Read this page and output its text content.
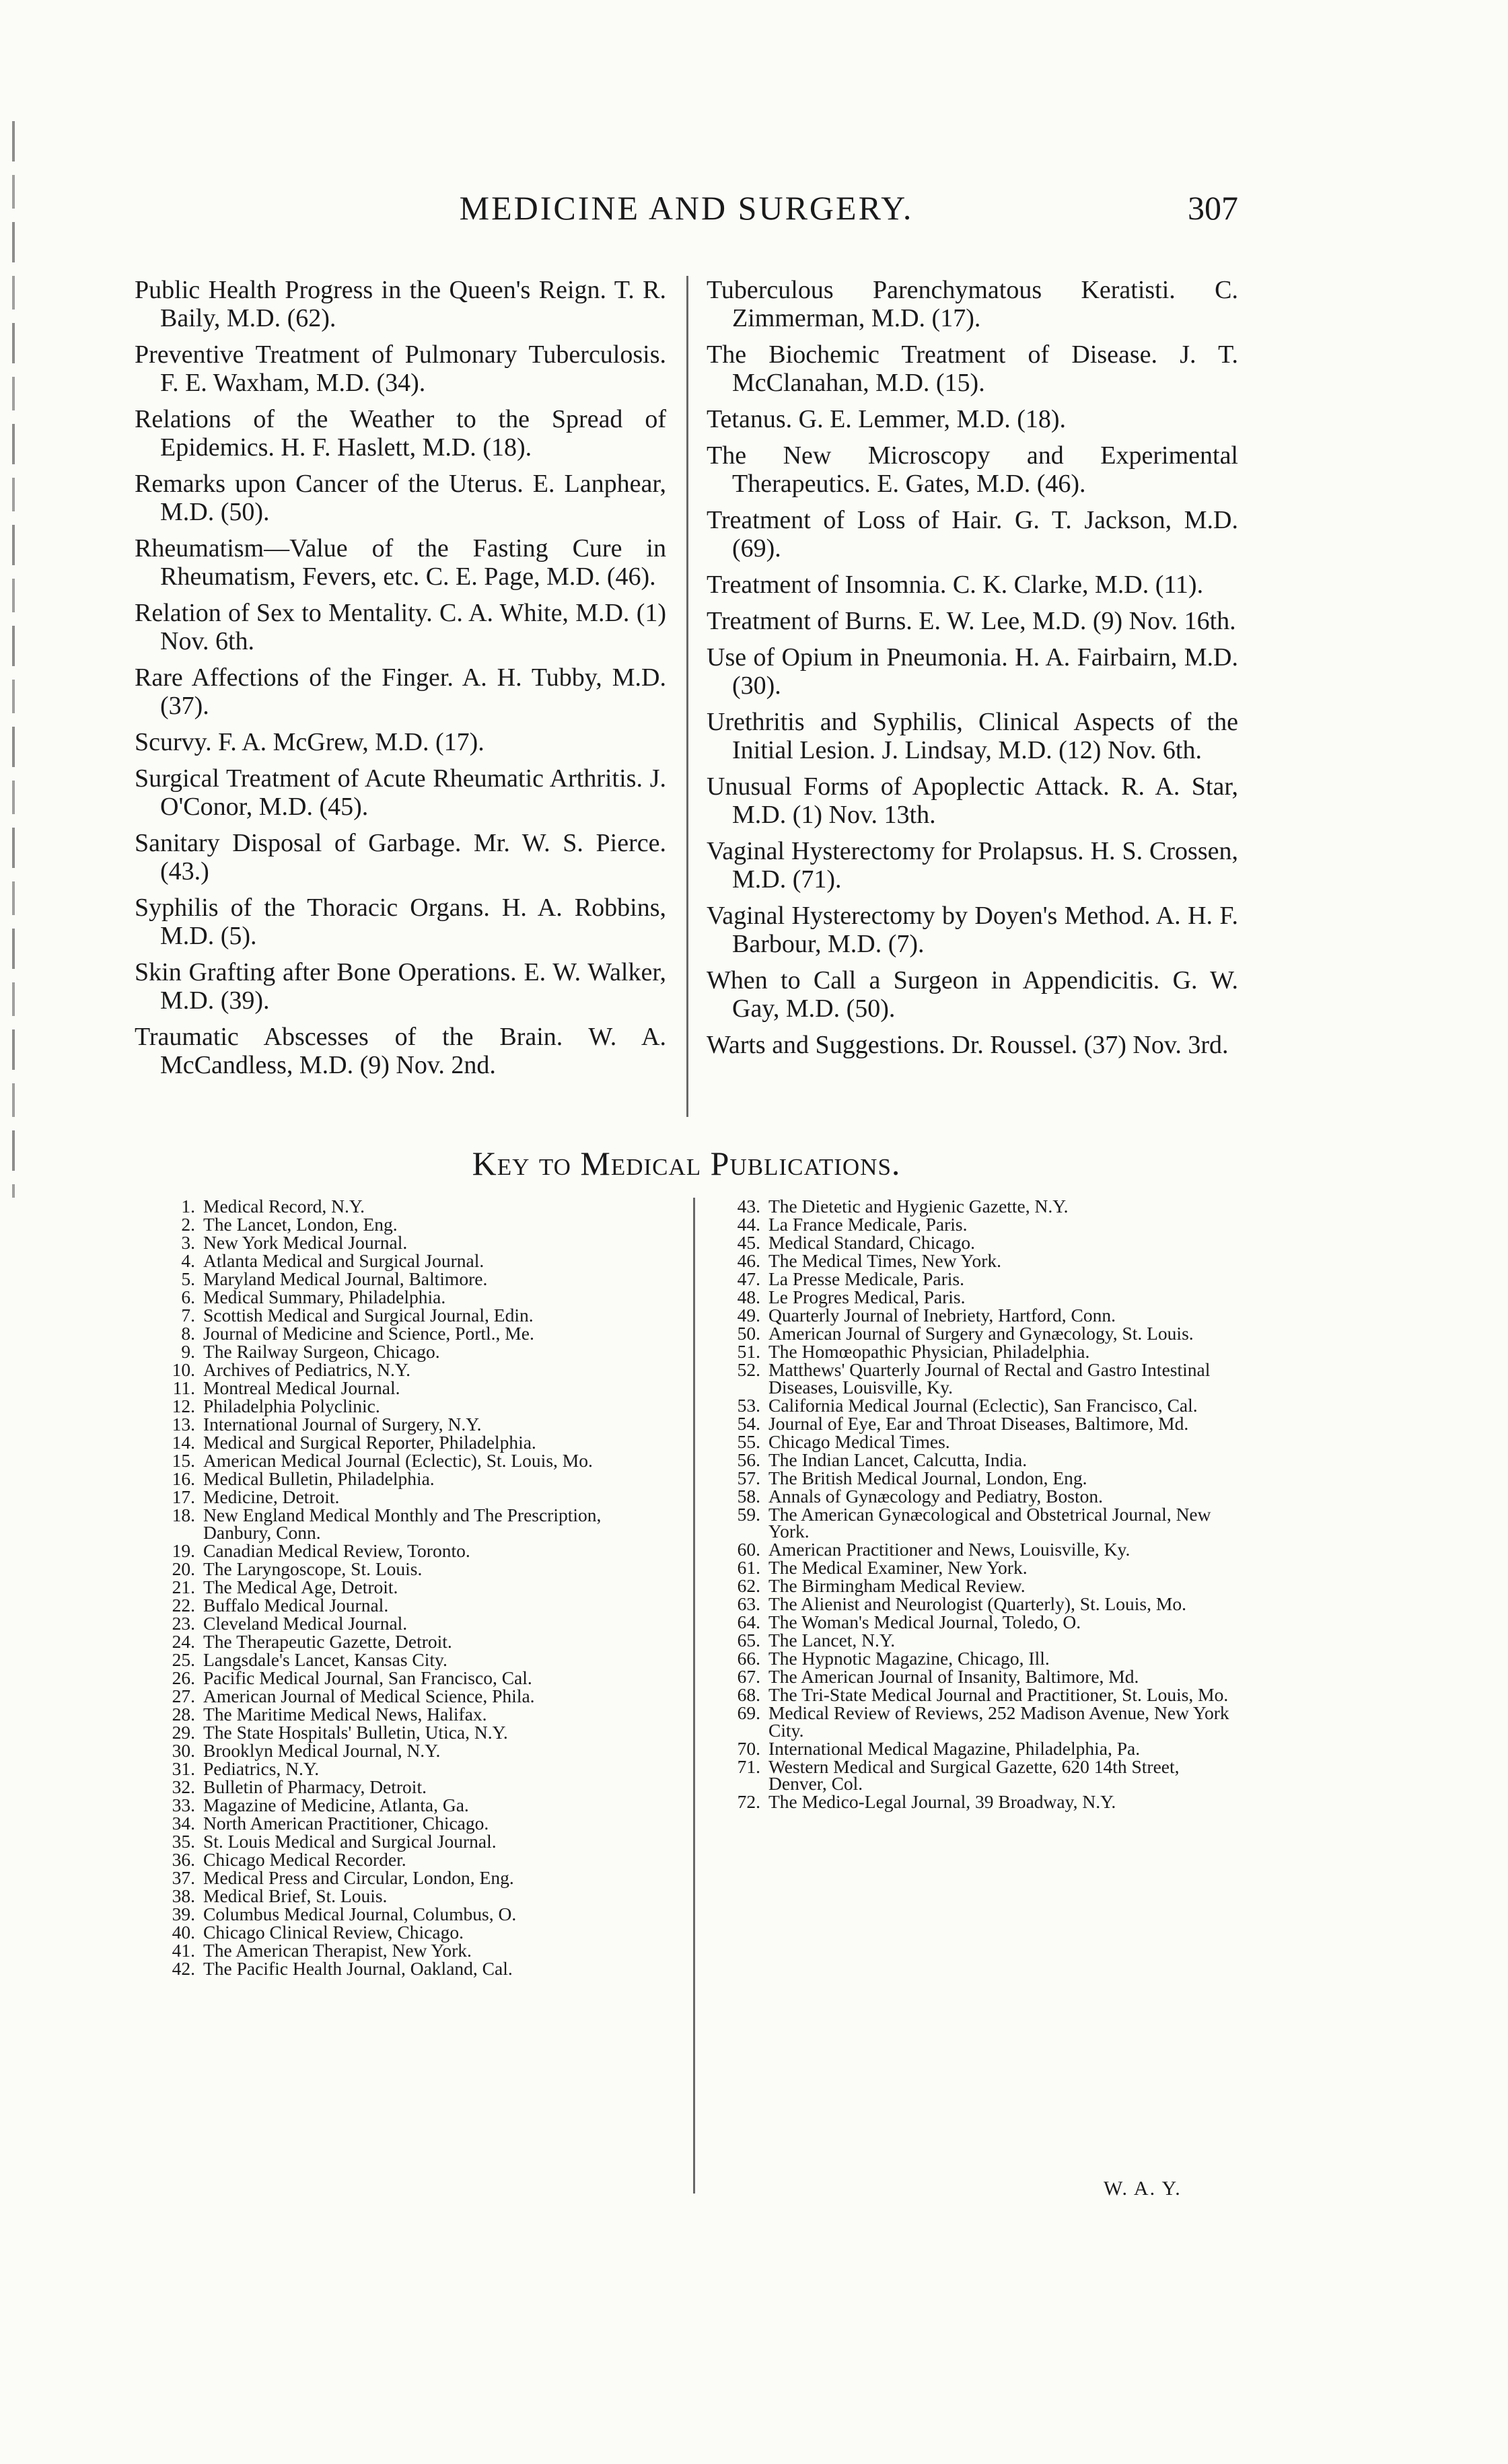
MEDICINE AND SURGERY.	307
Public Health Progress in the Queen's Reign. T. R. Baily, M.D. (62).
Preventive Treatment of Pulmonary Tuberculosis. F. E. Waxham, M.D. (34).
Relations of the Weather to the Spread of Epidemics. H. F. Haslett, M.D. (18).
Remarks upon Cancer of the Uterus. E. Lanphear, M.D. (50).
Rheumatism—Value of the Fasting Cure in Rheumatism, Fevers, etc. C. E. Page, M.D. (46).
Relation of Sex to Mentality. C. A. White, M.D. (1) Nov. 6th.
Rare Affections of the Finger. A. H. Tubby, M.D. (37).
Scurvy. F. A. McGrew, M.D. (17).
Surgical Treatment of Acute Rheumatic Arthritis. J. O'Conor, M.D. (45).
Sanitary Disposal of Garbage. Mr. W. S. Pierce. (43.)
Syphilis of the Thoracic Organs. H. A. Robbins, M.D. (5).
Skin Grafting after Bone Operations. E. W. Walker, M.D. (39).
Traumatic Abscesses of the Brain. W. A. McCandless, M.D. (9) Nov. 2nd.
Tuberculous Parenchymatous Keratisti. C. Zimmerman, M.D. (17).
The Biochemic Treatment of Disease. J. T. McClanahan, M.D. (15).
Tetanus. G. E. Lemmer, M.D. (18).
The New Microscopy and Experimental Therapeutics. E. Gates, M.D. (46).
Treatment of Loss of Hair. G. T. Jackson, M.D. (69).
Treatment of Insomnia. C. K. Clarke, M.D. (11).
Treatment of Burns. E. W. Lee, M.D. (9) Nov. 16th.
Use of Opium in Pneumonia. H. A. Fairbairn, M.D. (30).
Urethritis and Syphilis, Clinical Aspects of the Initial Lesion. J. Lindsay, M.D. (12) Nov. 6th.
Unusual Forms of Apoplectic Attack. R. A. Star, M.D. (1) Nov. 13th.
Vaginal Hysterectomy for Prolapsus. H. S. Crossen, M.D. (71).
Vaginal Hysterectomy by Doyen's Method. A. H. F. Barbour, M.D. (7).
When to Call a Surgeon in Appendicitis. G. W. Gay, M.D. (50).
Warts and Suggestions. Dr. Roussel. (37) Nov. 3rd.
Key to Medical Publications.
1. Medical Record, N.Y.
2. The Lancet, London, Eng.
3. New York Medical Journal.
4. Atlanta Medical and Surgical Journal.
5. Maryland Medical Journal, Baltimore.
6. Medical Summary, Philadelphia.
7. Scottish Medical and Surgical Journal, Edin.
8. Journal of Medicine and Science, Portl., Me.
9. The Railway Surgeon, Chicago.
10. Archives of Pediatrics, N.Y.
11. Montreal Medical Journal.
12. Philadelphia Polyclinic.
13. International Journal of Surgery, N.Y.
14. Medical and Surgical Reporter, Philadelphia.
15. American Medical Journal (Eclectic), St. Louis, Mo.
16. Medical Bulletin, Philadelphia.
17. Medicine, Detroit.
18. New England Medical Monthly and The Prescription, Danbury, Conn.
19. Canadian Medical Review, Toronto.
20. The Laryngoscope, St. Louis.
21. The Medical Age, Detroit.
22. Buffalo Medical Journal.
23. Cleveland Medical Journal.
24. The Therapeutic Gazette, Detroit.
25. Langsdale's Lancet, Kansas City.
26. Pacific Medical Journal, San Francisco, Cal.
27. American Journal of Medical Science, Phila.
28. The Maritime Medical News, Halifax.
29. The State Hospitals' Bulletin, Utica, N.Y.
30. Brooklyn Medical Journal, N.Y.
31. Pediatrics, N.Y.
32. Bulletin of Pharmacy, Detroit.
33. Magazine of Medicine, Atlanta, Ga.
34. North American Practitioner, Chicago.
35. St. Louis Medical and Surgical Journal.
36. Chicago Medical Recorder.
37. Medical Press and Circular, London, Eng.
38. Medical Brief, St. Louis.
39. Columbus Medical Journal, Columbus, O.
40. Chicago Clinical Review, Chicago.
41. The American Therapist, New York.
42. The Pacific Health Journal, Oakland, Cal.
43. The Dietetic and Hygienic Gazette, N.Y.
44. La France Medicale, Paris.
45. Medical Standard, Chicago.
46. The Medical Times, New York.
47. La Presse Medicale, Paris.
48. Le Progres Medical, Paris.
49. Quarterly Journal of Inebriety, Hartford, Conn.
50. American Journal of Surgery and Gynæcology, St. Louis.
51. The Homœopathic Physician, Philadelphia.
52. Matthews' Quarterly Journal of Rectal and Gastro Intestinal Diseases, Louisville, Ky.
53. California Medical Journal (Eclectic), San Francisco, Cal.
54. Journal of Eye, Ear and Throat Diseases, Baltimore, Md.
55. Chicago Medical Times.
56. The Indian Lancet, Calcutta, India.
57. The British Medical Journal, London, Eng.
58. Annals of Gynæcology and Pediatry, Boston.
59. The American Gynæcological and Obstetrical Journal, New York.
60. American Practitioner and News, Louisville, Ky.
61. The Medical Examiner, New York.
62. The Birmingham Medical Review.
63. The Alienist and Neurologist (Quarterly), St. Louis, Mo.
64. The Woman's Medical Journal, Toledo, O.
65. The Lancet, N.Y.
66. The Hypnotic Magazine, Chicago, Ill.
67. The American Journal of Insanity, Baltimore, Md.
68. The Tri-State Medical Journal and Practitioner, St. Louis, Mo.
69. Medical Review of Reviews, 252 Madison Avenue, New York City.
70. International Medical Magazine, Philadelphia, Pa.
71. Western Medical and Surgical Gazette, 620 14th Street, Denver, Col.
72. The Medico-Legal Journal, 39 Broadway, N.Y.
W. A. Y.
